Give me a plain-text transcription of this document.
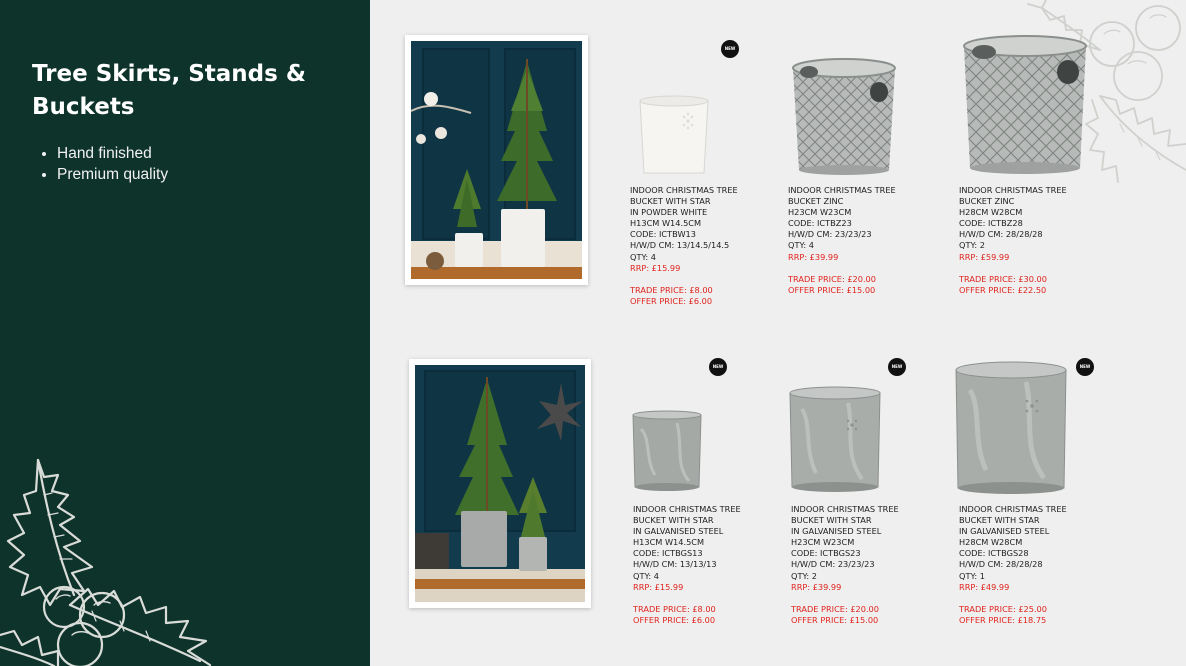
Tree Skirts, Stands & Buckets
• Hand finished
• Premium quality
NEW
NEW	NEW	NEW
INDOOR CHRISTMAS TREE
BUCKET WITH STAR
IN POWDER WHITE
H13CM W14.5CM
CODE: ICTBW13
H/W/D CM: 13/14.5/14.5
QTY: 4
RRP: £15.99
TRADE PRICE: £8.00
OFFER PRICE: £6.00
INDOOR CHRISTMAS TREE
BUCKET ZINC
H23CM W23CM
CODE: ICTBZ23
H/W/D CM: 23/23/23
QTY: 4
RRP: £39.99
TRADE PRICE: £20.00
OFFER PRICE: £15.00
INDOOR CHRISTMAS TREE
BUCKET ZINC
H28CM W28CM
CODE: ICTBZ28
H/W/D CM: 28/28/28
QTY: 2
RRP: £59.99
TRADE PRICE: £30.00
OFFER PRICE: £22.50
INDOOR CHRISTMAS TREE
BUCKET WITH STAR
IN GALVANISED STEEL
H13CM W14.5CM
CODE: ICTBGS13
H/W/D CM: 13/13/13
QTY: 4
RRP: £15.99
TRADE PRICE: £8.00
OFFER PRICE: £6.00
INDOOR CHRISTMAS TREE
BUCKET WITH STAR
IN GALVANISED STEEL
H23CM W23CM
CODE: ICTBGS23
H/W/D CM: 23/23/23
QTY: 2
RRP: £39.99
TRADE PRICE: £20.00
OFFER PRICE: £15.00
INDOOR CHRISTMAS TREE
BUCKET WITH STAR
IN GALVANISED STEEL
H28CM W28CM
CODE: ICTBGS28
H/W/D CM: 28/28/28
QTY: 1
RRP: £49.99
TRADE PRICE: £25.00
OFFER PRICE: £18.75
